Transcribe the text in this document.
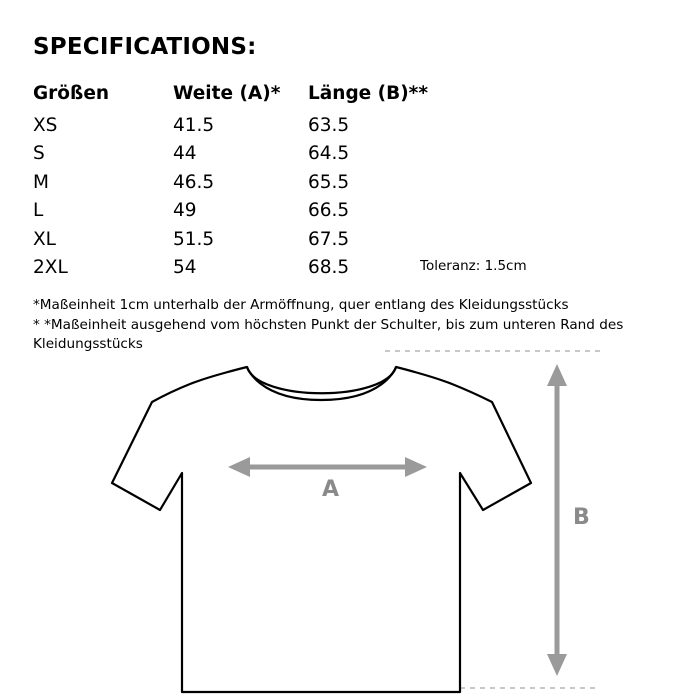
SPECIFICATIONS:
Größen	Weite (A)*	Länge (B)**
XS	41.5	63.5
S	44	64.5
M	46.5	65.5
L	49	66.5
XL	51.5	67.5
2XL	54	68.5	Toleranz: 1.5cm
*Maßeinheit 1cm unterhalb der Armöffnung, quer entlang des Kleidungsstücks
* *Maßeinheit ausgehend vom höchsten Punkt der Schulter, bis zum unteren Rand des Kleidungsstücks
A
B
